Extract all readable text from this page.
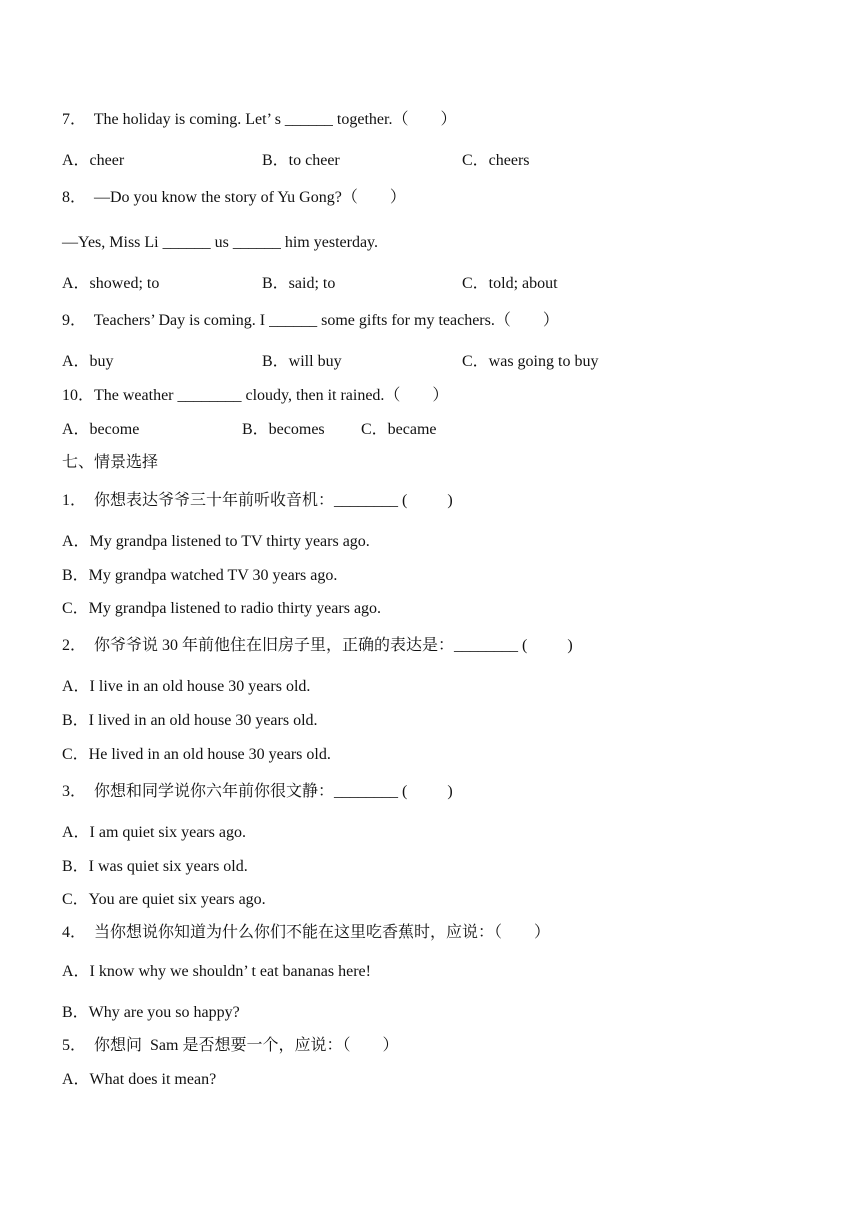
7．  The holiday is coming. Let’ s ______ together.（        ）
A．cheer	B．to cheer	C．cheers
8．  —Do you know the story of Yu Gong?（        ）
—Yes, Miss Li ______ us ______ him yesterday.
A．showed; to	B．said; to	C．told; about
9．  Teachers’ Day is coming. I ______ some gifts for my teachers.（        ）
A．buy	B．will buy	C．was going to buy
10．The weather ________ cloudy, then it rained.（        ）
A．become	B．becomes C．became
七、情景选择
1．  你想表达爷爷三十年前听收音机：________ (          )
A．My grandpa listened to TV thirty years ago.
B．My grandpa watched TV 30 years ago.
C．My grandpa listened to radio thirty years ago.
2．  你爷爷说 30 年前他住在旧房子里，正确的表达是：________ (          )
A．I live in an old house 30 years old.
B．I lived in an old house 30 years old.
C．He lived in an old house 30 years old.
3．  你想和同学说你六年前你很文静：________ (          )
A．I am quiet six years ago.
B．I was quiet six years old.
C．You are quiet six years ago.
4．  当你想说你知道为什么你们不能在这里吃香蕉时，应说：（        ）
A．I know why we shouldn’ t eat bananas here!
B．Why are you so happy?
5．  你想问  Sam 是否想要一个，应说：（        ）
A．What does it mean?
